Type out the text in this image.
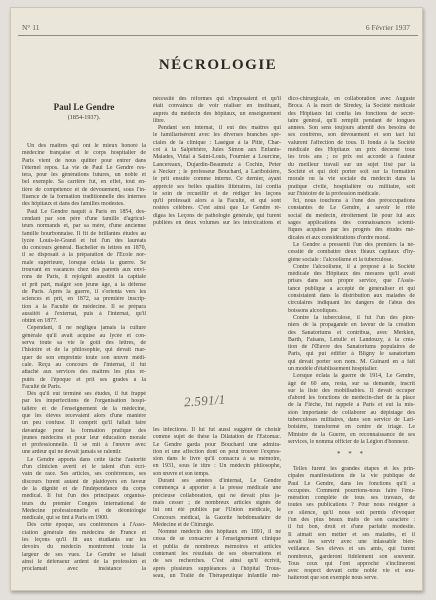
N° 11	6 Février 1937
NÉCROLOGIE
Paul Le Gendre
(1854-1937).
Un des maîtres qui ont le mieux honoré la
médecine française et le corps hospitalier de
Paris vient de nous quitter pour entrer dans
l'éternel repos. La vie de Paul Le Gendre res-
tera, pour les générations futures, un noble et
bel exemple. Sa carrière fut, en effet, tout en-
tière de compétence et de dévouement, sous l'in-
fluence de la formation traditionnelle des internes
des hôpitaux et dans des familles modestes.
Paul Le Gendre naquit à Paris en 1854, des-
cendant par son père d'une famille d'agricul-
teurs normands et, par sa mère, d'une ancienne
famille bourbonnaise. Il fit de brillantes études au
lycée Louis-le-Grand et fut l'un des lauréats
du concours général. Bachelier ès lettres en 1870,
il se disposait à la préparation de l'École nor-
male supérieure, lorsque éclata la guerre. Se
trouvant en vacances chez des parents aux envi-
rons de Paris, il rejoignit aussitôt la capitale
et prit part, malgré son jeune âge, à la défense
de Paris. Après la guerre, il s'orienta vers les
sciences et prit, en 1872, sa première inscrip-
tion à la Faculté de médecine. Il se prépara
aussitôt à l'externat, puis à l'internat, qu'il
obtint en 1877.
Cependant, il ne négligea jamais la culture
générale qu'il avait acquise au lycée et con-
serva toute sa vie le goût des lettres, de
l'histoire et de la philosophie, qui devait mar-
quer de son empreinte toute son œuvre médi-
cale. Reçu au concours de l'internat, il fut
attaché aux services des maîtres les plus ré-
putés de l'époque et prit ses grades à la
Faculté de Paris.
Dès qu'il eut terminé ses études, il fut frappé
par les imperfections de l'organisation hospi-
talière et de l'enseignement de la médecine,
que les élèves recevaient alors d'une manière
un peu confuse. Il comprit qu'il fallait faire
davantage pour la formation pratique des
jeunes médecins et pour leur éducation morale
et professionnelle. Il se mit à l'œuvre avec
une ardeur qui ne devait jamais se ralentir.
Le Gendre apporta dans cette tâche l'autorité
d'un clinicien averti et le talent d'un écri-
vain de race. Ses articles, ses conférences, ses
discours furent autant de plaidoyers en faveur
de la dignité et de l'indépendance du corps
médical. Il fut l'un des principaux organisa-
teurs du premier Congrès international de
Médecine professionnelle et de déontologie
médicale, qui se tint à Paris en 1900.
Dès cette époque, ses conférences à l'Asso-
ciation générale des médecins de France et
les leçons qu'il fit aux étudiants sur les
devoirs du médecin montrèrent toute la
largeur de ses vues. Le Gendre se faisait
ainsi le défenseur ardent de la profession et
proclamait avec insistance la
nécessité des réformes qui s'imposaient et qu'il
était convaincu de voir réaliser en instituant,
auprès du médecin des hôpitaux, un enseignement
libre.
Pendant son internat, il eut des maîtres qui
le familiarisèrent avec les diverses branches spé-
ciales de la clinique : Lasègue à la Pitié, Char-
cot à la Salpêtrière, Jules Simon aux Enfants-
Malades, Vidal à Saint-Louis, Fournier à Lourcine,
Lancereaux, Dujardin-Beaumetz à Cochin, Peter
à Necker ; le professeur Bouchard, à Lariboisière,
le prit ensuite comme interne. Ce dernier, ayant
apprécié ses belles qualités littéraires, lui confia
le soin de recueillir et de rédiger les leçons
qu'il professait alors à la Faculté, et qui sont
restées célèbres. C'est ainsi que Le Gendre ré-
digea les Leçons de pathologie générale, qui furent
publiées en deux volumes sur les intoxications et
les infections. Il lui fut aussi suggéré de choisir
comme sujet de thèse la Dilatation de l'Estomac.
Le Gendre garda pour Bouchard une admira-
tion et une affection dont on peut trouver l'expres-
sion dans le livre qu'il consacra à sa mémoire,
en 1931, sous le titre : Un médecin philosophe,
son œuvre et son temps.
Durant ses années d'internat, Le Gendre
commença à apporter à la presse médicale une
précieuse collaboration, qui ne devait plus ja-
mais cesser ; de nombreux articles signés de
lui ont été publiés par l'Union médicale, le
Concours médical, la Gazette hebdomadaire de
Médecine et de Chirurgie.
Nommé médecin des hôpitaux en 1891, il ne
cessa de se consacrer à l'enseignement clinique
et publia de nombreux mémoires et articles
contenant les résultats de ses observations et
de ses recherches. C'est ainsi qu'il écrivit,
après plusieurs suppléances à l'hôpital Trous-
seau, un Traité de Thérapeutique infantile mé-
dico-chirurgicale, en collaboration avec Auguste
Broca. A la mort de Siredey, la Société médicale
des Hôpitaux lui confia les fonctions de secré-
taire général, qu'il remplit pendant de longues
années. Son sens toujours attentif des besoins de
ses confrères, son dévouement et son tact lui
valurent l'affection de tous. Il fonda à la Société
médicale des Hôpitaux un prix décerné tous
les trois ans ; ce prix est accordé à l'auteur
du meilleur travail sur un sujet fixé par la
Société et qui doit porter soit sur la formation
morale ou la vie sociale du médecin dans la
pratique civile, hospitalière ou militaire, soit
sur l'histoire de la profession médicale.
Ici, nous touchons à l'une des préoccupations
constantes de Le Gendre, à savoir le rôle
social du médecin, étroitement lié pour lui aux
sages applications des connaissances scienti-
fiques acquises par les progrès des études mé-
dicales et aux considérations d'ordre moral.
Le Gendre a pressenti l'un des premiers la né-
cessité de combattre deux fléaux capitaux d'hy-
giène sociale : l'alcoolisme et la tuberculose.
Contre l'alcoolisme, il a proposé à la Société
médicale des Hôpitaux des mesures qu'il avait
prises dans son propre service, que l'Assis-
tance publique a accepté de généraliser et qui
consistaient dans la distribution aux malades de
circulaires indiquant les dangers de l'abus des
boissons alcooliques.
Contre la tuberculose, il fut l'un des pion-
niers de la propagande en faveur de la création
des Sanatoriums et contribua, avec Merklen,
Barth, Faisans, Letulle et Landouzy, à la créa-
tion de l'Œuvre des Sanatoriums populaires de
Paris, qui put édifier à Bligny le sanatorium
qui devait porter son nom. M. Guinard en a fait
un modèle d'établissement hospitalier.
Lorsque éclata la guerre de 1914, Le Gendre,
âgé de 60 ans, resta, sur sa demande, inscrit
sur la liste des mobilisables. Il devait occuper
d'abord les fonctions de médecin-chef de la place
de la Flèche, fut rappelé à Paris et eut la mis-
sion importante de collaborer au dépistage des
tuberculoses militaires, dans son service de Lari-
boisière, transformé en centre de triage. Le
Ministre de la Guerre, en reconnaissance de ses
services, le nomma officier de la Légion d'honneur.
Telles furent les grandes étapes et les prin-
cipales manifestations de la vie publique de
Paul Le Gendre, dans les fonctions qu'il a
occupées. Comment pourrions-nous faire l'énu-
mération complète de tous ses travaux, de
toutes ses publications ? Pour nous résigner à
ce silence, qu'il nous soit permis d'évoquer
l'un des plus beaux traits de son caractère :
il fut bon, droit et d'une parfaite modestie.
Il aimait son métier et ses malades, et il
savait les servir avec une inlassable bien-
veillance. Ses élèves et ses amis, qui furent
nombreux, garderont fidèlement son souvenir.
Tous ceux qui l'ont approché s'inclineront
avec respect devant cette noble vie et sou-
haiteront que son exemple nous serve.
* * *
2.591/1
